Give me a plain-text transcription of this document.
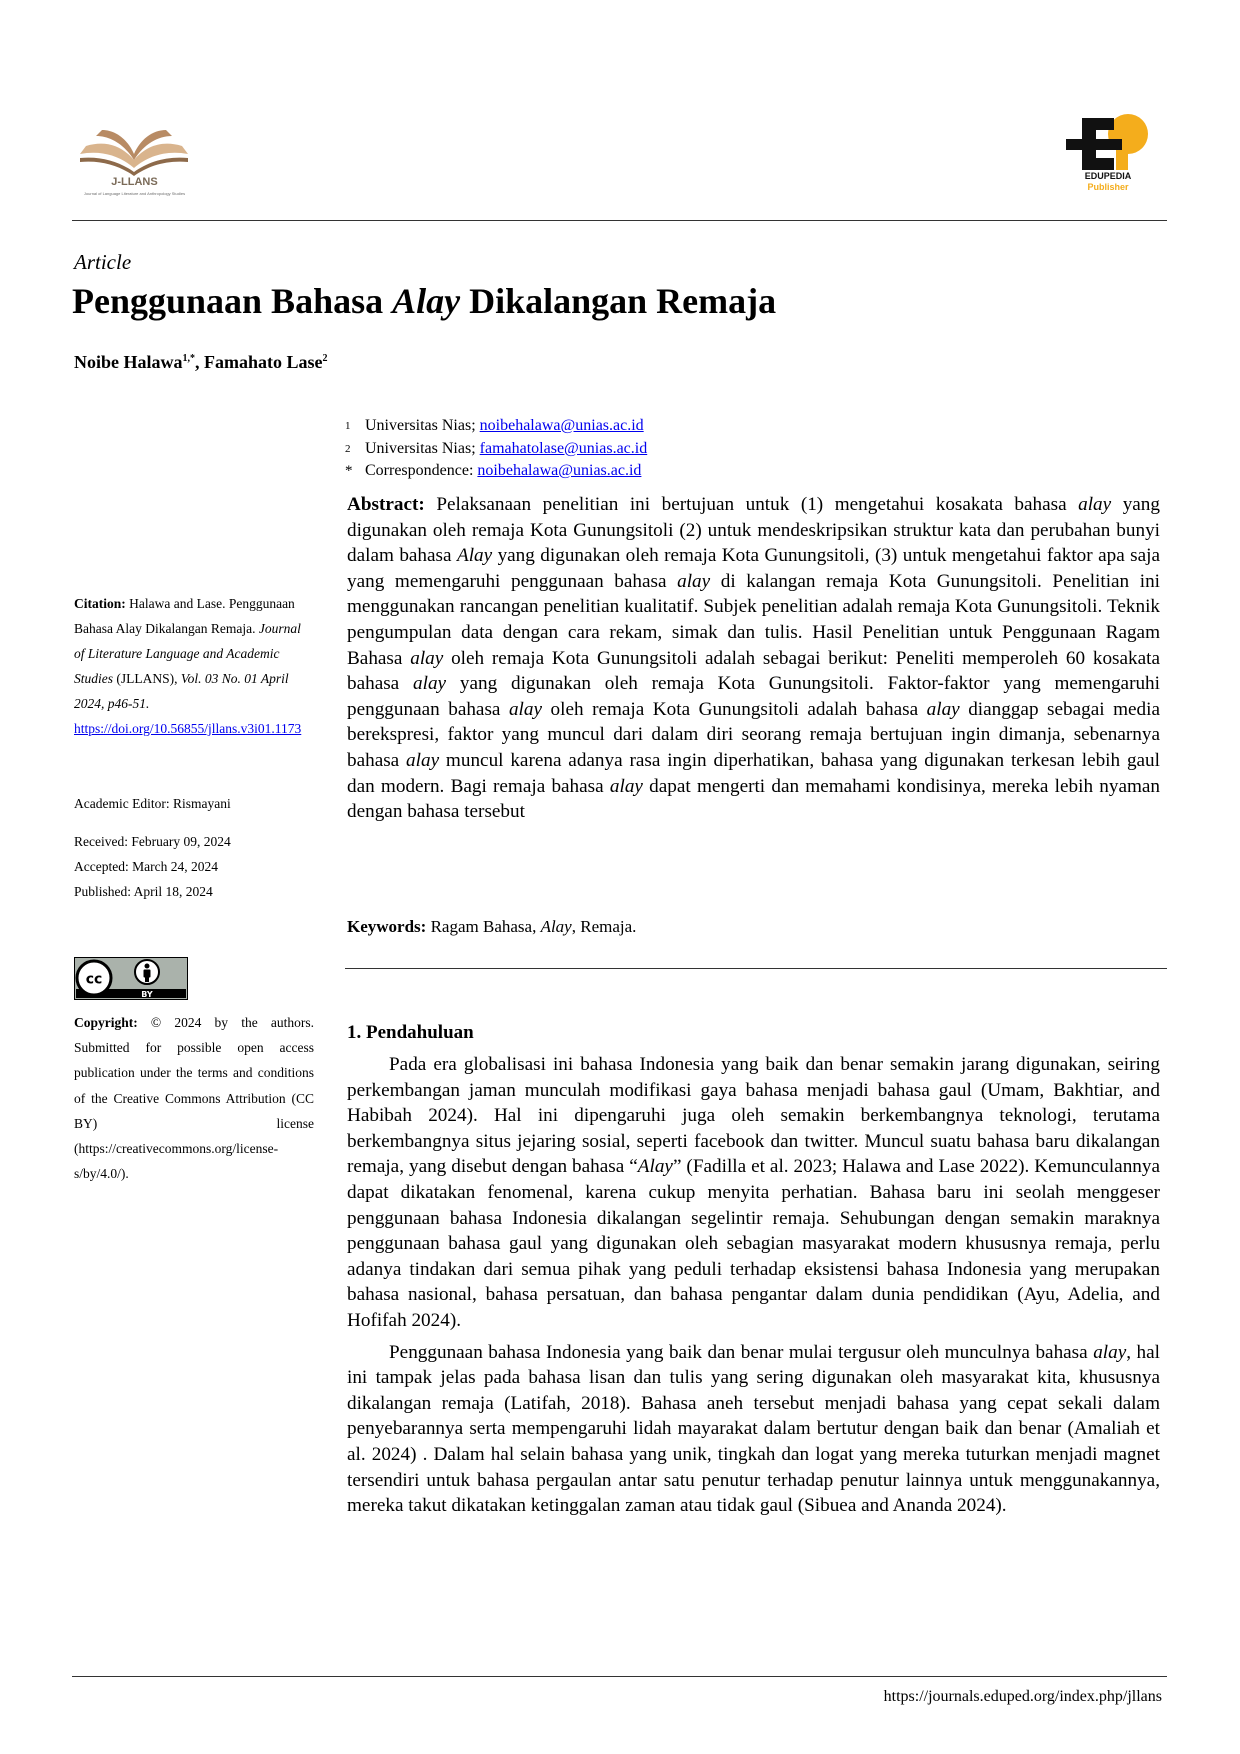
J-LLANS
Journal of Language Literature and Anthropology Studies
EDUPEDIA
Publisher
Article
Penggunaan Bahasa Alay Dikalangan Remaja
Noibe Halawa$^{1,*}$, Famahato Lase$^2$
1 Universitas Nias;
noibehalawa@unias.ac.id
2 Universitas Nias;
famahatolase@unias.ac.id
* Correspondence:
noibehalawa@unias.ac.id

Abstract: Pelaksanaan penelitian ini bertujuan untuk (1) mengetahui kosakata bahasa alay yang digunakan oleh remaja Kota Gunungsitoli (2) untuk mendeskripsikan struktur kata dan perubahan bunyi dalam bahasa Alay yang digunakan oleh remaja Kota Gunungsitoli, (3) untuk mengetahui faktor apa saja yang memengaruhi penggunaan bahasa alay di kalangan remaja Kota Gunungsitoli. Penelitian ini menggunakan rancangan penelitian kualitatif. Subjek penelitian adalah remaja Kota Gunungsitoli. Teknik pengumpulan data dengan cara rekam, simak dan tulis. Hasil Penelitian untuk Penggunaan Ragam Bahasa alay oleh remaja Kota Gunungsitoli adalah sebagai berikut: Peneliti memperoleh 60 kosakata bahasa alay yang digunakan oleh remaja Kota Gunungsitoli. Faktor-faktor yang memengaruhi penggunaan bahasa alay oleh remaja Kota Gunungsitoli adalah bahasa alay dianggap sebagai media berekspresi, faktor yang muncul dari dalam diri seorang remaja bertujuan ingin dimanja, sebenarnya bahasa alay muncul karena adanya rasa ingin diperhatikan, bahasa yang digunakan terkesan lebih gaul dan modern. Bagi remaja bahasa alay dapat mengerti dan memahami kondisinya, mereka lebih nyaman dengan bahasa tersebut

Keywords: Ragam Bahasa, Alay, Remaja.

Citation: Halawa and Lase. Penggunaan Bahasa Alay Dikalangan Remaja. Journal of Literature Language and Academic Studies (JLLANS), Vol. 03 No. 01 April 2024, p46-51.
https://doi.org/10.56855/jllans.v3i01.1173

Academic Editor: Rismayani

Received: February 09, 2024

Accepted: March 24, 2024

Published: April 18, 2024

cc
BY

Copyright: © 2024 by the authors. Submitted for possible open access publication under the terms and conditions of the Creative Commons Attribution (CC BY) license (https://creativecommons.org/licenses/by/4.0/).

1. Pendahuluan

Pada era globalisasi ini bahasa Indonesia yang baik dan benar semakin jarang digunakan, seiring perkembangan jaman munculah modifikasi gaya bahasa menjadi bahasa gaul (Umam, Bakhtiar, and Habibah 2024). Hal ini dipengaruhi juga oleh semakin berkembangnya teknologi, terutama berkembangnya situs jejaring sosial, seperti facebook dan twitter. Muncul suatu bahasa baru dikalangan remaja, yang disebut dengan bahasa “Alay” (Fadilla et al. 2023; Halawa and Lase 2022). Kemunculannya dapat dikatakan fenomenal, karena cukup menyita perhatian. Bahasa baru ini seolah menggeser penggunaan bahasa Indonesia dikalangan segelintir remaja. Sehubungan dengan semakin maraknya penggunaan bahasa gaul yang digunakan oleh sebagian masyarakat modern khususnya remaja, perlu adanya tindakan dari semua pihak yang peduli terhadap eksistensi bahasa Indonesia yang merupakan bahasa nasional, bahasa persatuan, dan bahasa pengantar dalam dunia pendidikan (Ayu, Adelia, and Hofifah 2024).

Penggunaan bahasa Indonesia yang baik dan benar mulai tergusur oleh munculnya bahasa alay, hal ini tampak jelas pada bahasa lisan dan tulis yang sering digunakan oleh masyarakat kita, khususnya dikalangan remaja (Latifah, 2018). Bahasa aneh tersebut menjadi bahasa yang cepat sekali dalam penyebarannya serta mempengaruhi lidah mayarakat dalam bertutur dengan baik dan benar (Amaliah et al. 2024) . Dalam hal selain bahasa yang unik, tingkah dan logat yang mereka tuturkan menjadi magnet tersendiri untuk bahasa pergaulan antar satu penutur terhadap penutur lainnya untuk menggunakannya, mereka takut dikatakan ketinggalan zaman atau tidak gaul (Sibuea and Ananda 2024).

https://journals.eduped.org/index.php/jllans
